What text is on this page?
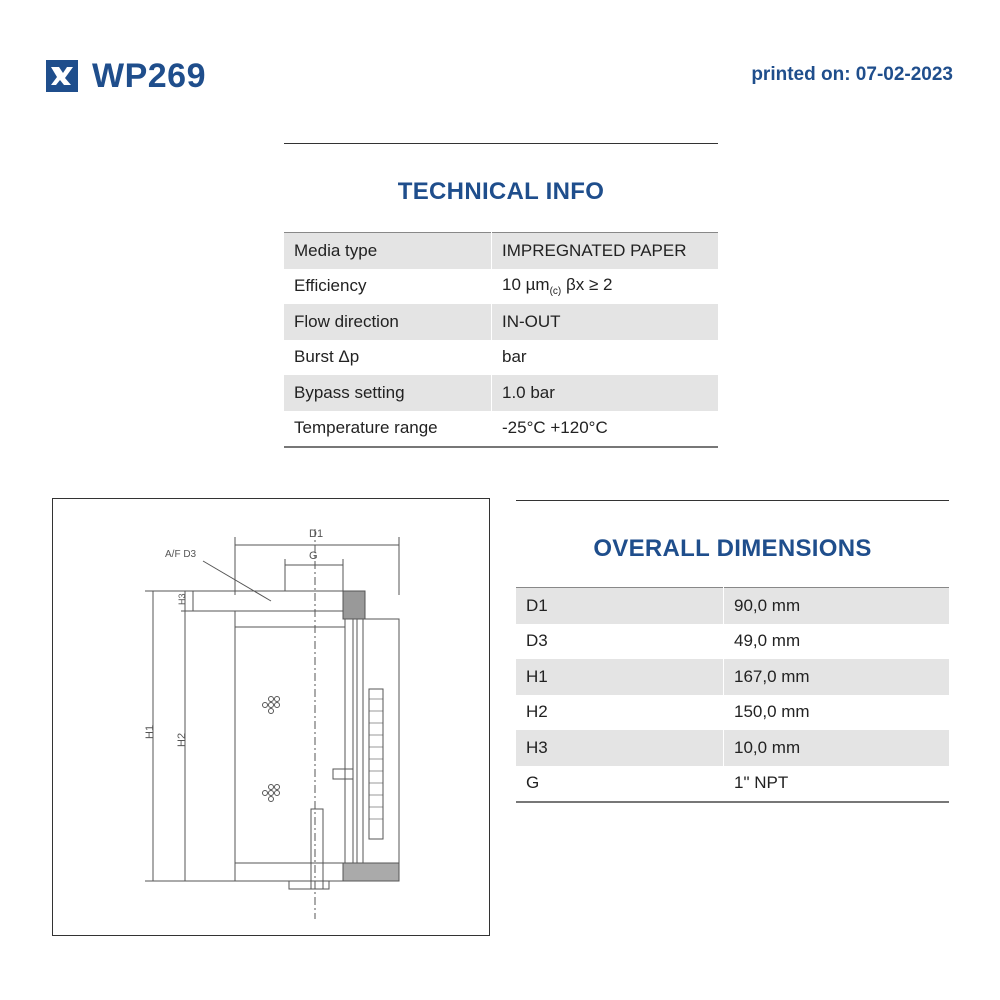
WP269	printed on: 07-02-2023
TECHNICAL INFO
Media type	IMPREGNATED PAPER
Efficiency	10 µm$_{(c)}$ βx ≥ 2
Flow direction	IN-OUT
Burst Δp	bar
Bypass setting	1.0 bar
Temperature range	-25°C +120°C
D1
G
A/F D3
H1
H2
H3
OVERALL DIMENSIONS
D1	90,0 mm
D3	49,0 mm
H1	167,0 mm
H2	150,0 mm
H3	10,0 mm
G	1" NPT
